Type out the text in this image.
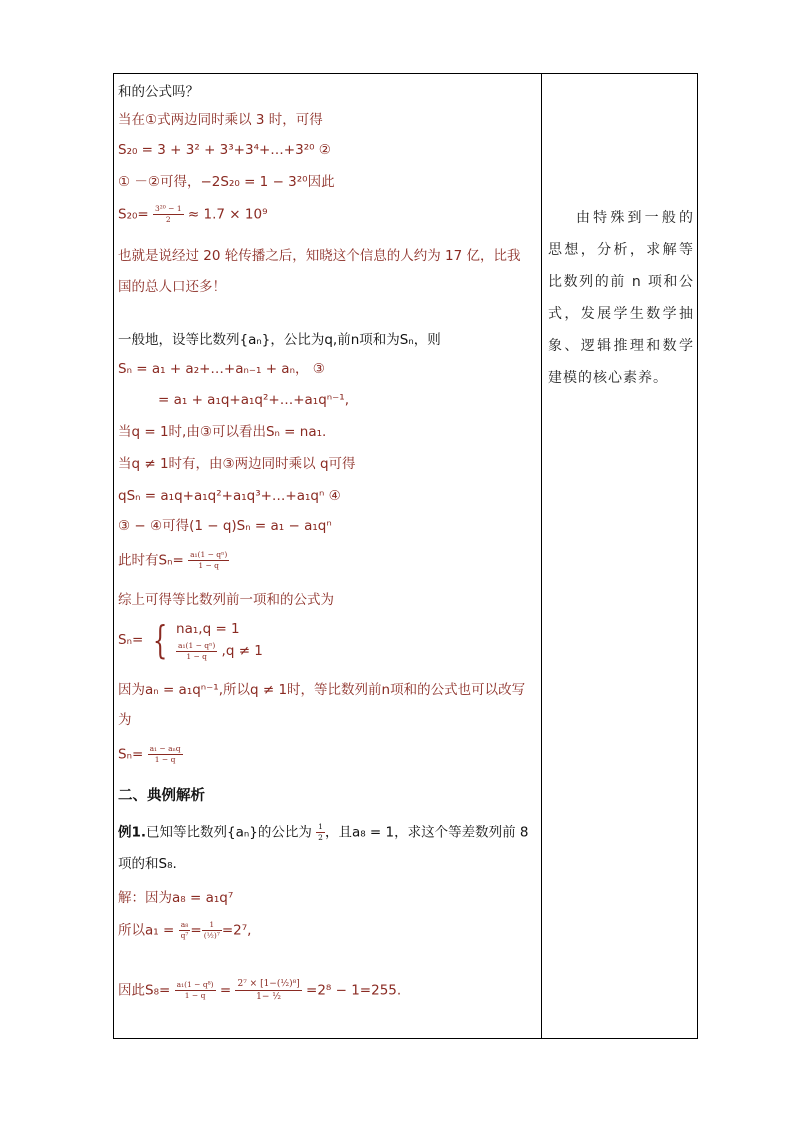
和的公式吗？
当在①式两边同时乘以 3 时，可得
S₂₀ = 3 + 3² + 3³+3⁴+…+3²⁰ ②
① －②可得，−2S₂₀ = 1 − 3²⁰因此
$S_{20}= \frac{\text{3²⁰ − 1}}{2} \approx 1.7 \times 10^9$
也就是说经过 20 轮传播之后，知晓这个信息的人约为 17 亿，比我
国的总人口还多！
一般地，设等比数列{aₙ}，公比为q,前n项和为Sₙ，则
Sₙ = a₁ + a₂+…+aₙ₋₁ + aₙ， ③
= a₁ + a₁q+a₁q²+…+a₁qⁿ⁻¹,
当q = 1时,由③可以看出Sₙ = na₁.
当q ≠ 1时有，由③两边同时乘以 q可得
qSₙ = a₁q+a₁q²+a₁q³+…+a₁qⁿ ④
③ − ④可得(1 − q)Sₙ = a₁ − a₁qⁿ
此时有$S_n= \frac{\text{a₁(1 − qⁿ)}}{1 - q}$
综上可得等比数列前一项和的公式为
Sₙ= { na₁,q = 1
$\frac{\text{a₁(1 − qⁿ)}}{1 - q} ,q \ne 1$
因为aₙ = a₁qⁿ⁻¹,所以q ≠ 1时，等比数列前n项和的公式也可以改写
为
$S_n= \frac{\text{a₁ − aₙq}}{1 - q}$
二、典例解析
例1.已知等比数列{aₙ}的公比为 $\frac{1}{2}$ ，且a₈ = 1，求这个等差数列前 8
项的和S₈.
解：因为a₈ = a₁q⁷
所以$a_1 = \frac{\text{a₈}}{\text{q⁷}} = \frac{1}{\text{(½)⁷}} =2^7$,
因此$S_8= \frac{\text{a₁(1 − q⁸)}}{1 - q} = \frac{\text{2⁷ × [1−(½)⁸]}}{\text{1− ½}} =2^8 - 1=255$.

由特殊到一般的思想，分析，求解等比数列的前 n 项和公式，发展学生数学抽象、逻辑推理和数学建模的核心素养。
